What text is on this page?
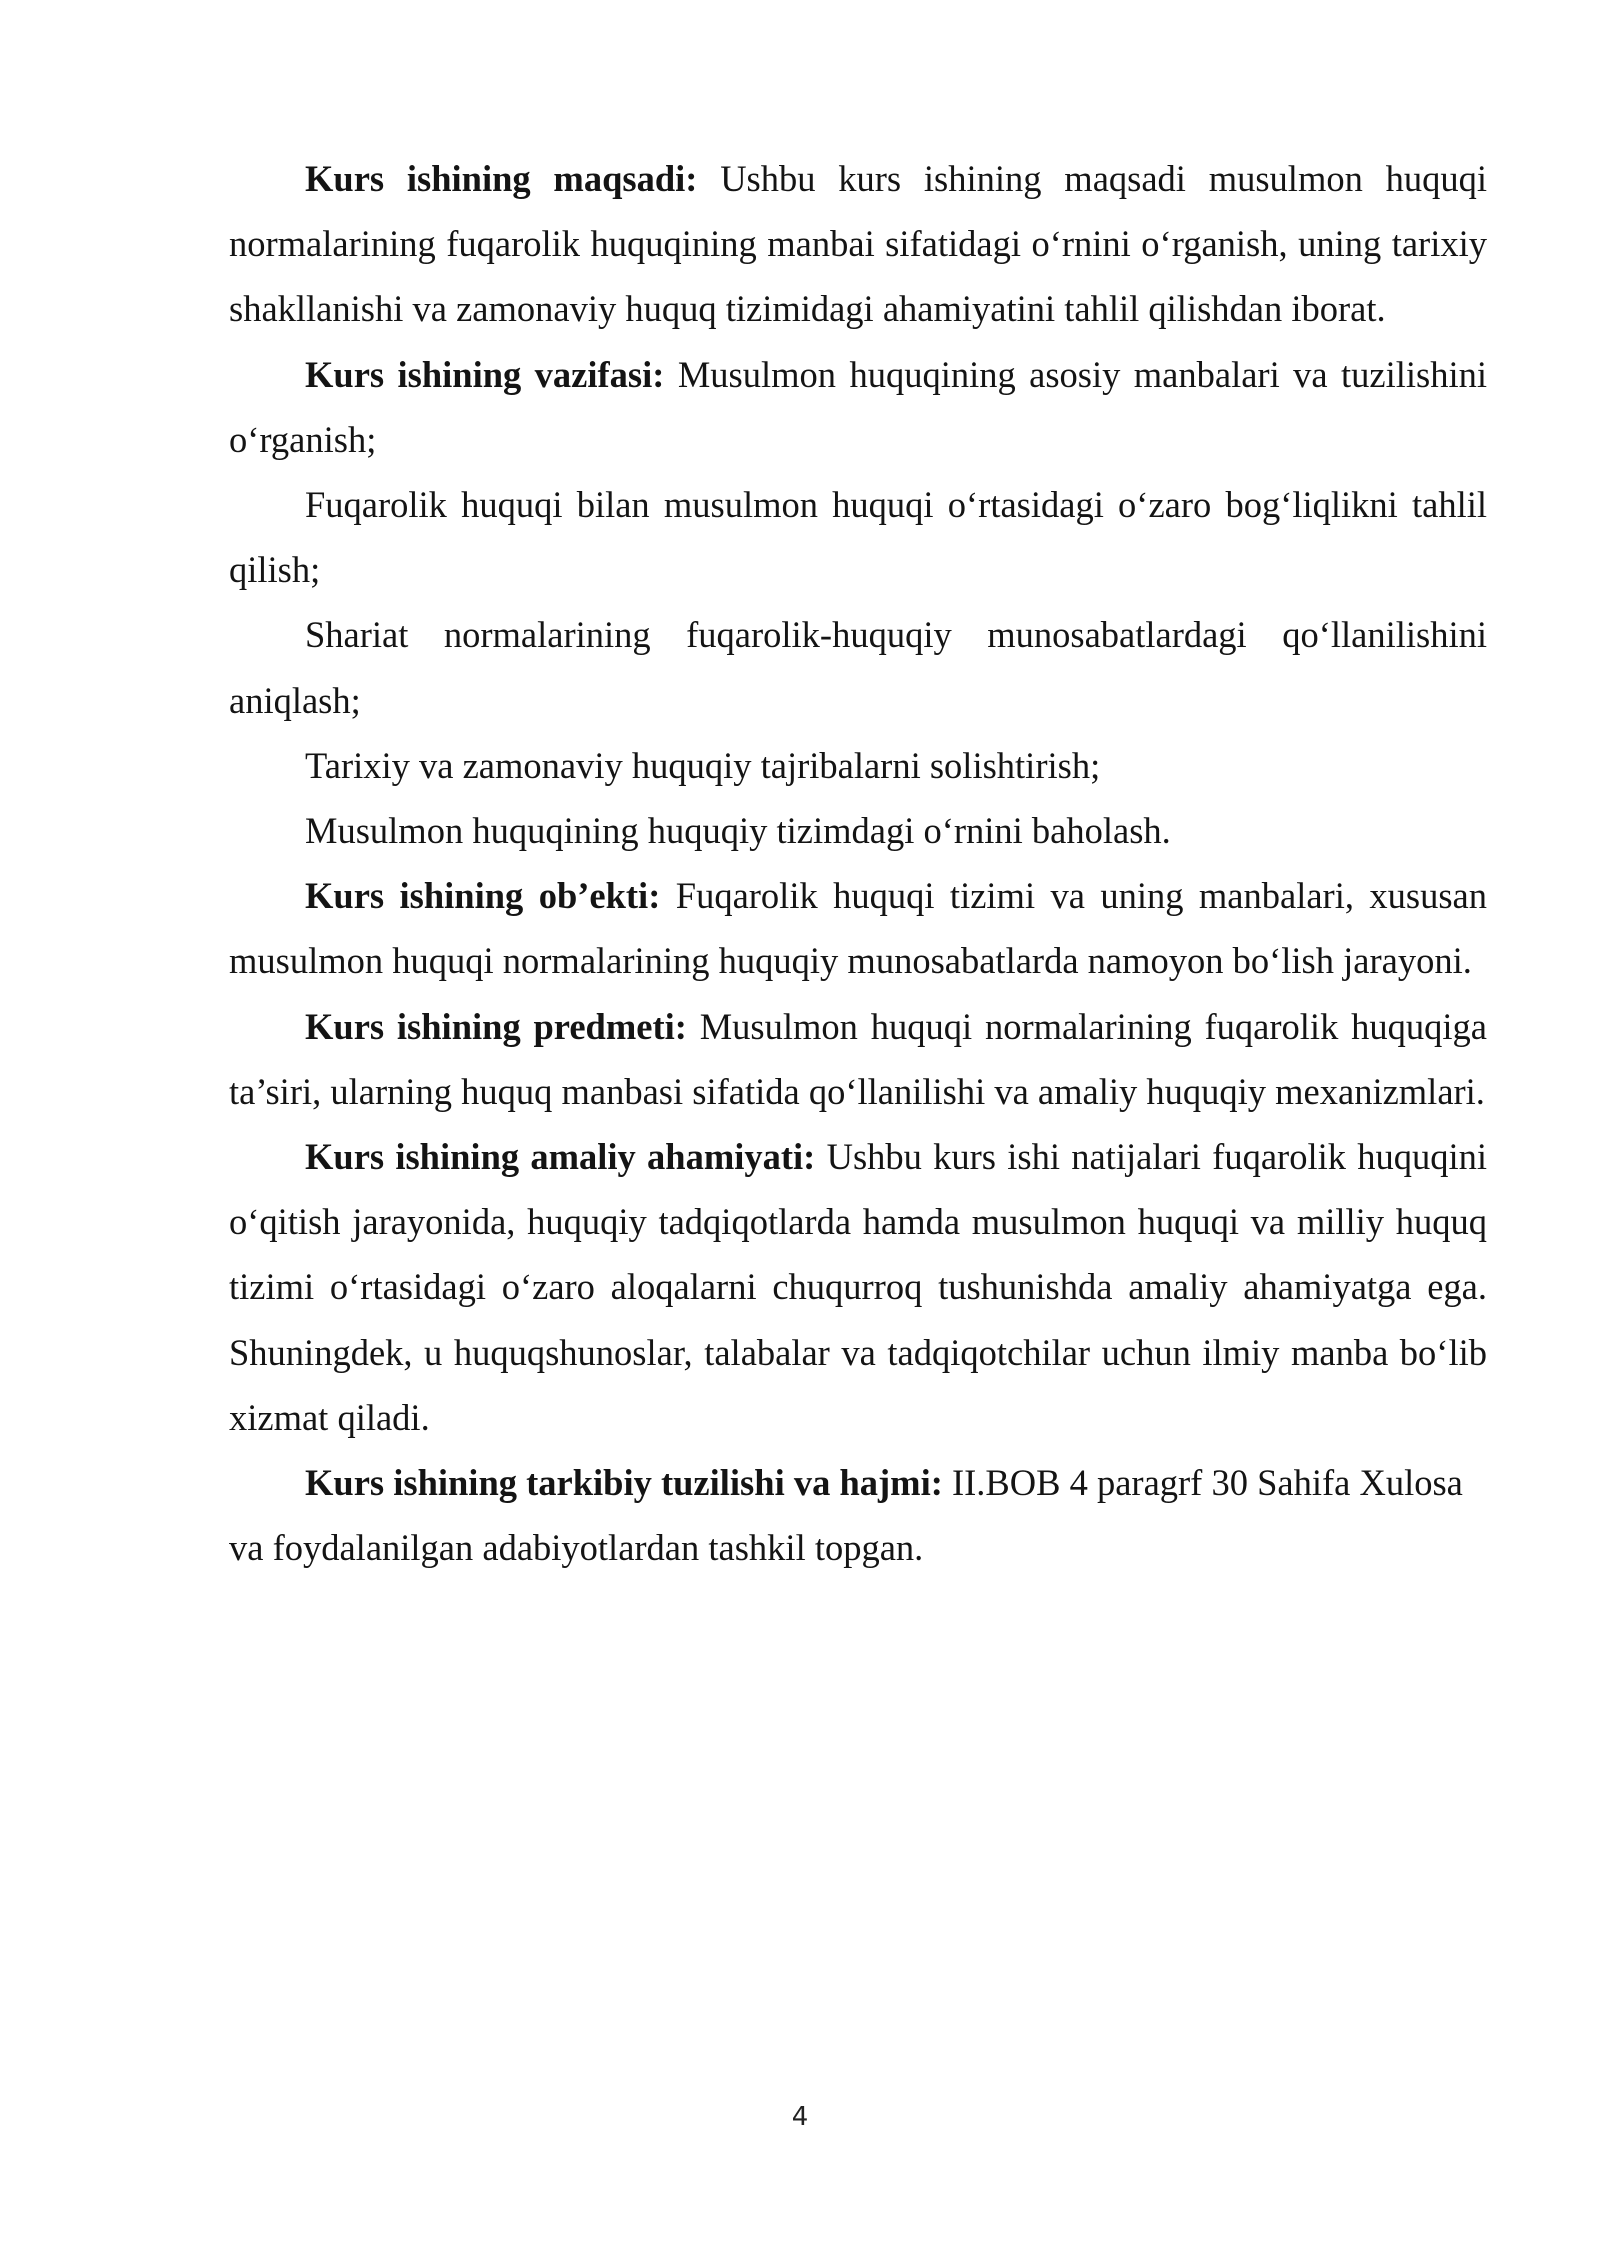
Kurs ishining maqsadi: Ushbu kurs ishining maqsadi musulmon huquqi normalarining fuqarolik huquqining manbai sifatidagi o‘rnini o‘rganish, uning tarixiy shakllanishi va zamonaviy huquq tizimidagi ahamiyatini tahlil qilishdan iborat.

Kurs ishining vazifasi: Musulmon huquqining asosiy manbalari va tuzilishini o‘rganish;

Fuqarolik huquqi bilan musulmon huquqi o‘rtasidagi o‘zaro bog‘liqlikni tahlil qilish;

Shariat normalarining fuqarolik-huquqiy munosabatlardagi qo‘llanilishini aniqlash;

Tarixiy va zamonaviy huquqiy tajribalarni solishtirish;

Musulmon huquqining huquqiy tizimdagi o‘rnini baholash.

Kurs ishining ob’ekti: Fuqarolik huquqi tizimi va uning manbalari, xususan musulmon huquqi normalarining huquqiy munosabatlarda namoyon bo‘lish jarayoni.

Kurs ishining predmeti: Musulmon huquqi normalarining fuqarolik huquqiga ta’siri, ularning huquq manbasi sifatida qo‘llanilishi va amaliy huquqiy mexanizmlari.

Kurs ishining amaliy ahamiyati: Ushbu kurs ishi natijalari fuqarolik huquqini o‘qitish jarayonida, huquqiy tadqiqotlarda hamda musulmon huquqi va milliy huquq tizimi o‘rtasidagi o‘zaro aloqalarni chuqurroq tushunishda amaliy ahamiyatga ega. Shuningdek, u huquqshunoslar, talabalar va tadqiqotchilar uchun ilmiy manba bo‘lib xizmat qiladi.

Kurs ishining tarkibiy tuzilishi va hajmi: II.BOB 4 paragrf 30 Sahifa Xulosa va foydalanilgan adabiyotlardan tashkil topgan.

4
